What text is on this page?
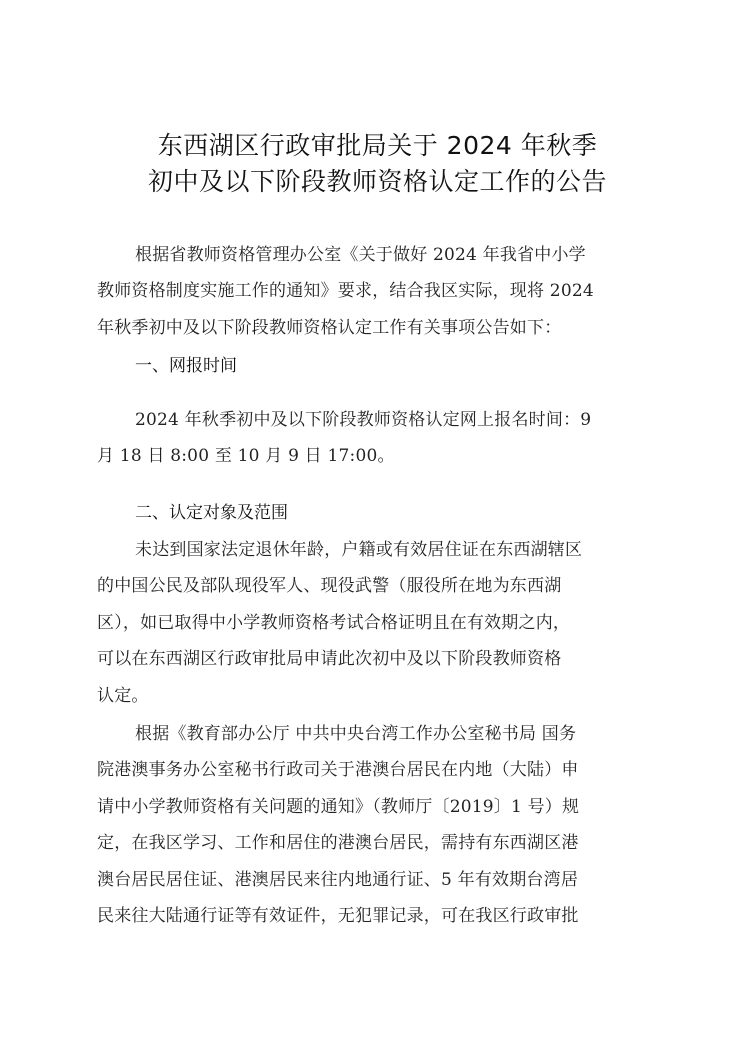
东西湖区行政审批局关于 2024 年秋季
初中及以下阶段教师资格认定工作的公告
根据省教师资格管理办公室《关于做好 2024 年我省中小学
教师资格制度实施工作的通知》要求，结合我区实际，现将 2024
年秋季初中及以下阶段教师资格认定工作有关事项公告如下：
一、网报时间
2024 年秋季初中及以下阶段教师资格认定网上报名时间：9
月 18 日 8:00 至 10 月 9 日 17:00。
二、认定对象及范围
未达到国家法定退休年龄，户籍或有效居住证在东西湖辖区
的中国公民及部队现役军人、现役武警（服役所在地为东西湖
区），如已取得中小学教师资格考试合格证明且在有效期之内，
可以在东西湖区行政审批局申请此次初中及以下阶段教师资格
认定。
根据《教育部办公厅 中共中央台湾工作办公室秘书局 国务
院港澳事务办公室秘书行政司关于港澳台居民在内地（大陆）申
请中小学教师资格有关问题的通知》（教师厅〔2019〕1 号）规
定，在我区学习、工作和居住的港澳台居民，需持有东西湖区港
澳台居民居住证、港澳居民来往内地通行证、5 年有效期台湾居
民来往大陆通行证等有效证件，无犯罪记录，可在我区行政审批
